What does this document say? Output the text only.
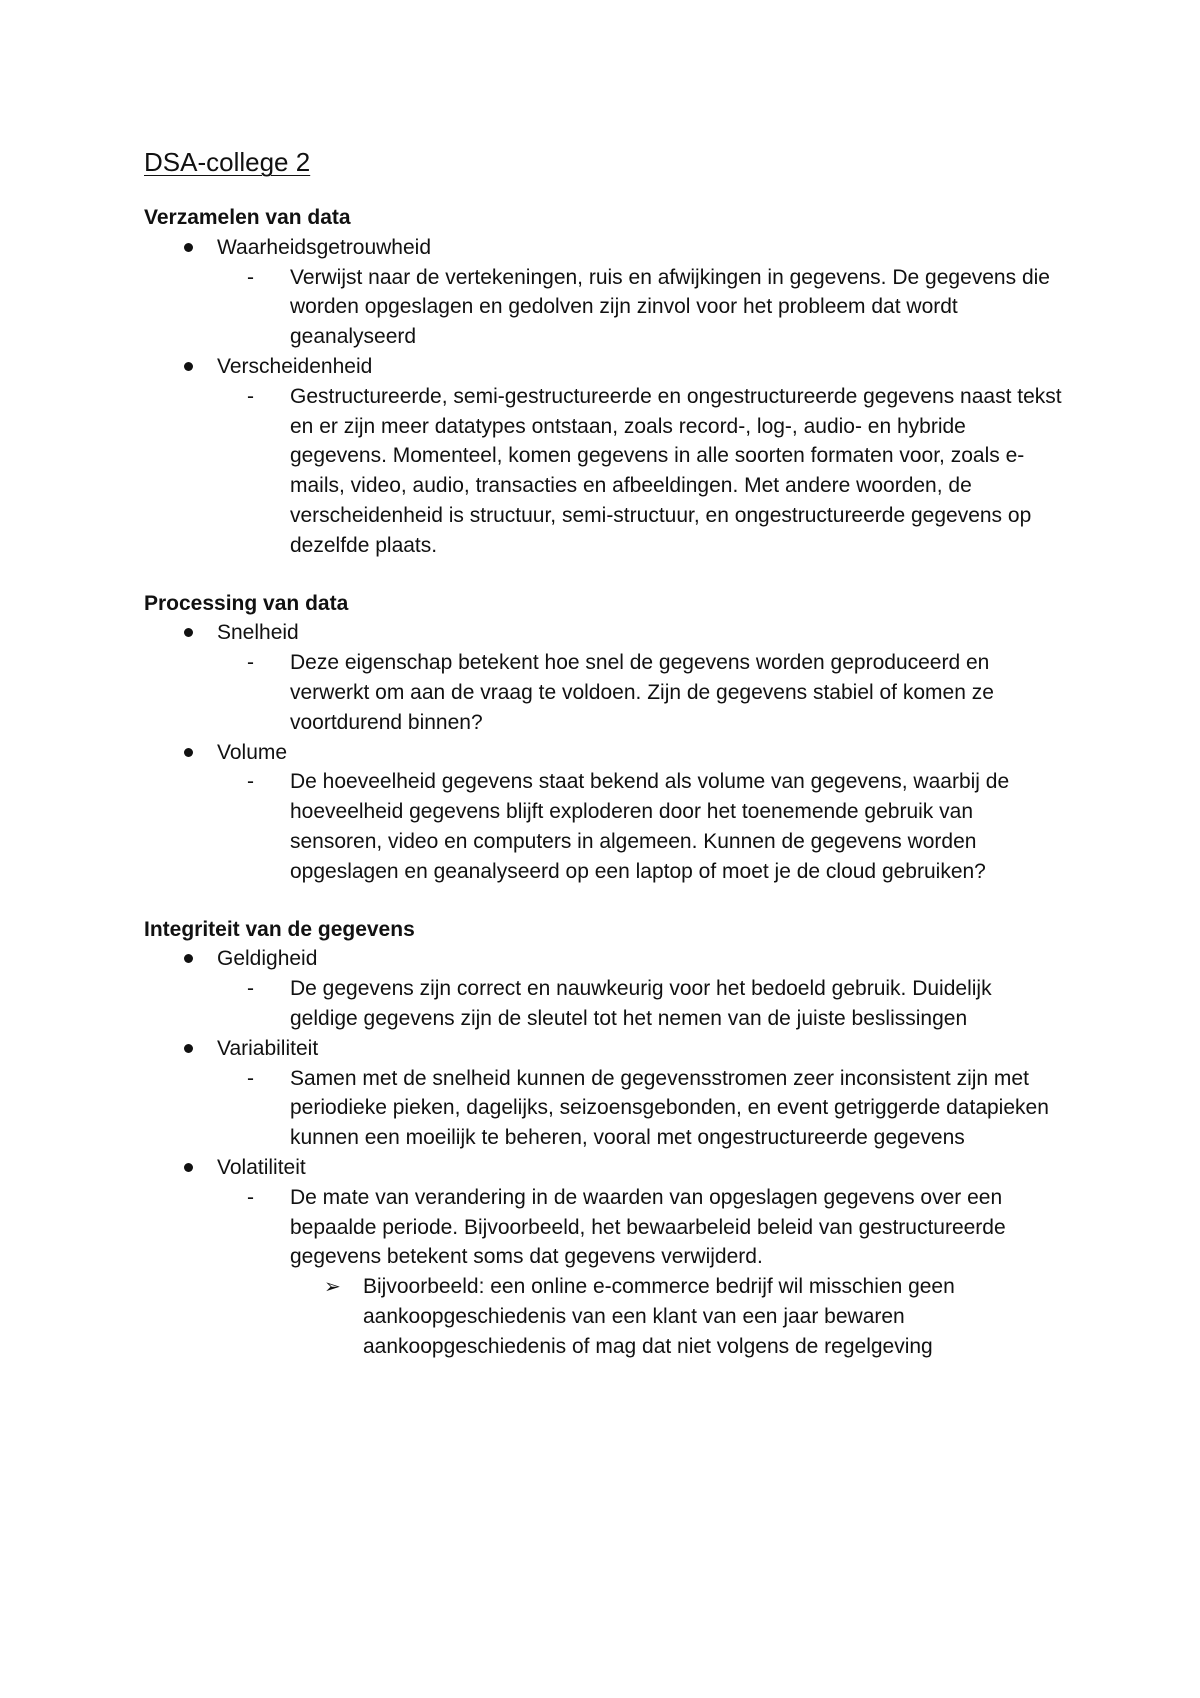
DSA-college 2

Verzamelen van data

Waarheidsgetrouwheid
- Verwijst naar de vertekeningen, ruis en afwijkingen in gegevens. De gegevens die worden opgeslagen en gedolven zijn zinvol voor het probleem dat wordt geanalyseerd
Verscheidenheid
- Gestructureerde, semi-gestructureerde en ongestructureerde gegevens naast tekst en er zijn meer datatypes ontstaan, zoals record-, log-, audio- en hybride gegevens. Momenteel, komen gegevens in alle soorten formaten voor, zoals e-mails, video, audio, transacties en afbeeldingen. Met andere woorden, de verscheidenheid is structuur, semi-structuur, en ongestructureerde gegevens op dezelfde plaats.

Processing van data

Snelheid
- Deze eigenschap betekent hoe snel de gegevens worden geproduceerd en verwerkt om aan de vraag te voldoen. Zijn de gegevens stabiel of komen ze voortdurend binnen?
Volume
- De hoeveelheid gegevens staat bekend als volume van gegevens, waarbij de hoeveelheid gegevens blijft exploderen door het toenemende gebruik van sensoren, video en computers in algemeen. Kunnen de gegevens worden opgeslagen en geanalyseerd op een laptop of moet je de cloud gebruiken?

Integriteit van de gegevens

Geldigheid
- De gegevens zijn correct en nauwkeurig voor het bedoeld gebruik. Duidelijk geldige gegevens zijn de sleutel tot het nemen van de juiste beslissingen
Variabiliteit
- Samen met de snelheid kunnen de gegevensstromen zeer inconsistent zijn met periodieke pieken, dagelijks, seizoensgebonden, en event getriggerde datapieken kunnen een moeilijk te beheren, vooral met ongestructureerde gegevens
Volatiliteit
- De mate van verandering in de waarden van opgeslagen gegevens over een bepaalde periode. Bijvoorbeeld, het bewaarbeleid beleid van gestructureerde gegevens betekent soms dat gegevens verwijderd.
➢ Bijvoorbeeld: een online e-commerce bedrijf wil misschien geen aankoopgeschiedenis van een klant van een jaar bewaren aankoopgeschiedenis of mag dat niet volgens de regelgeving
